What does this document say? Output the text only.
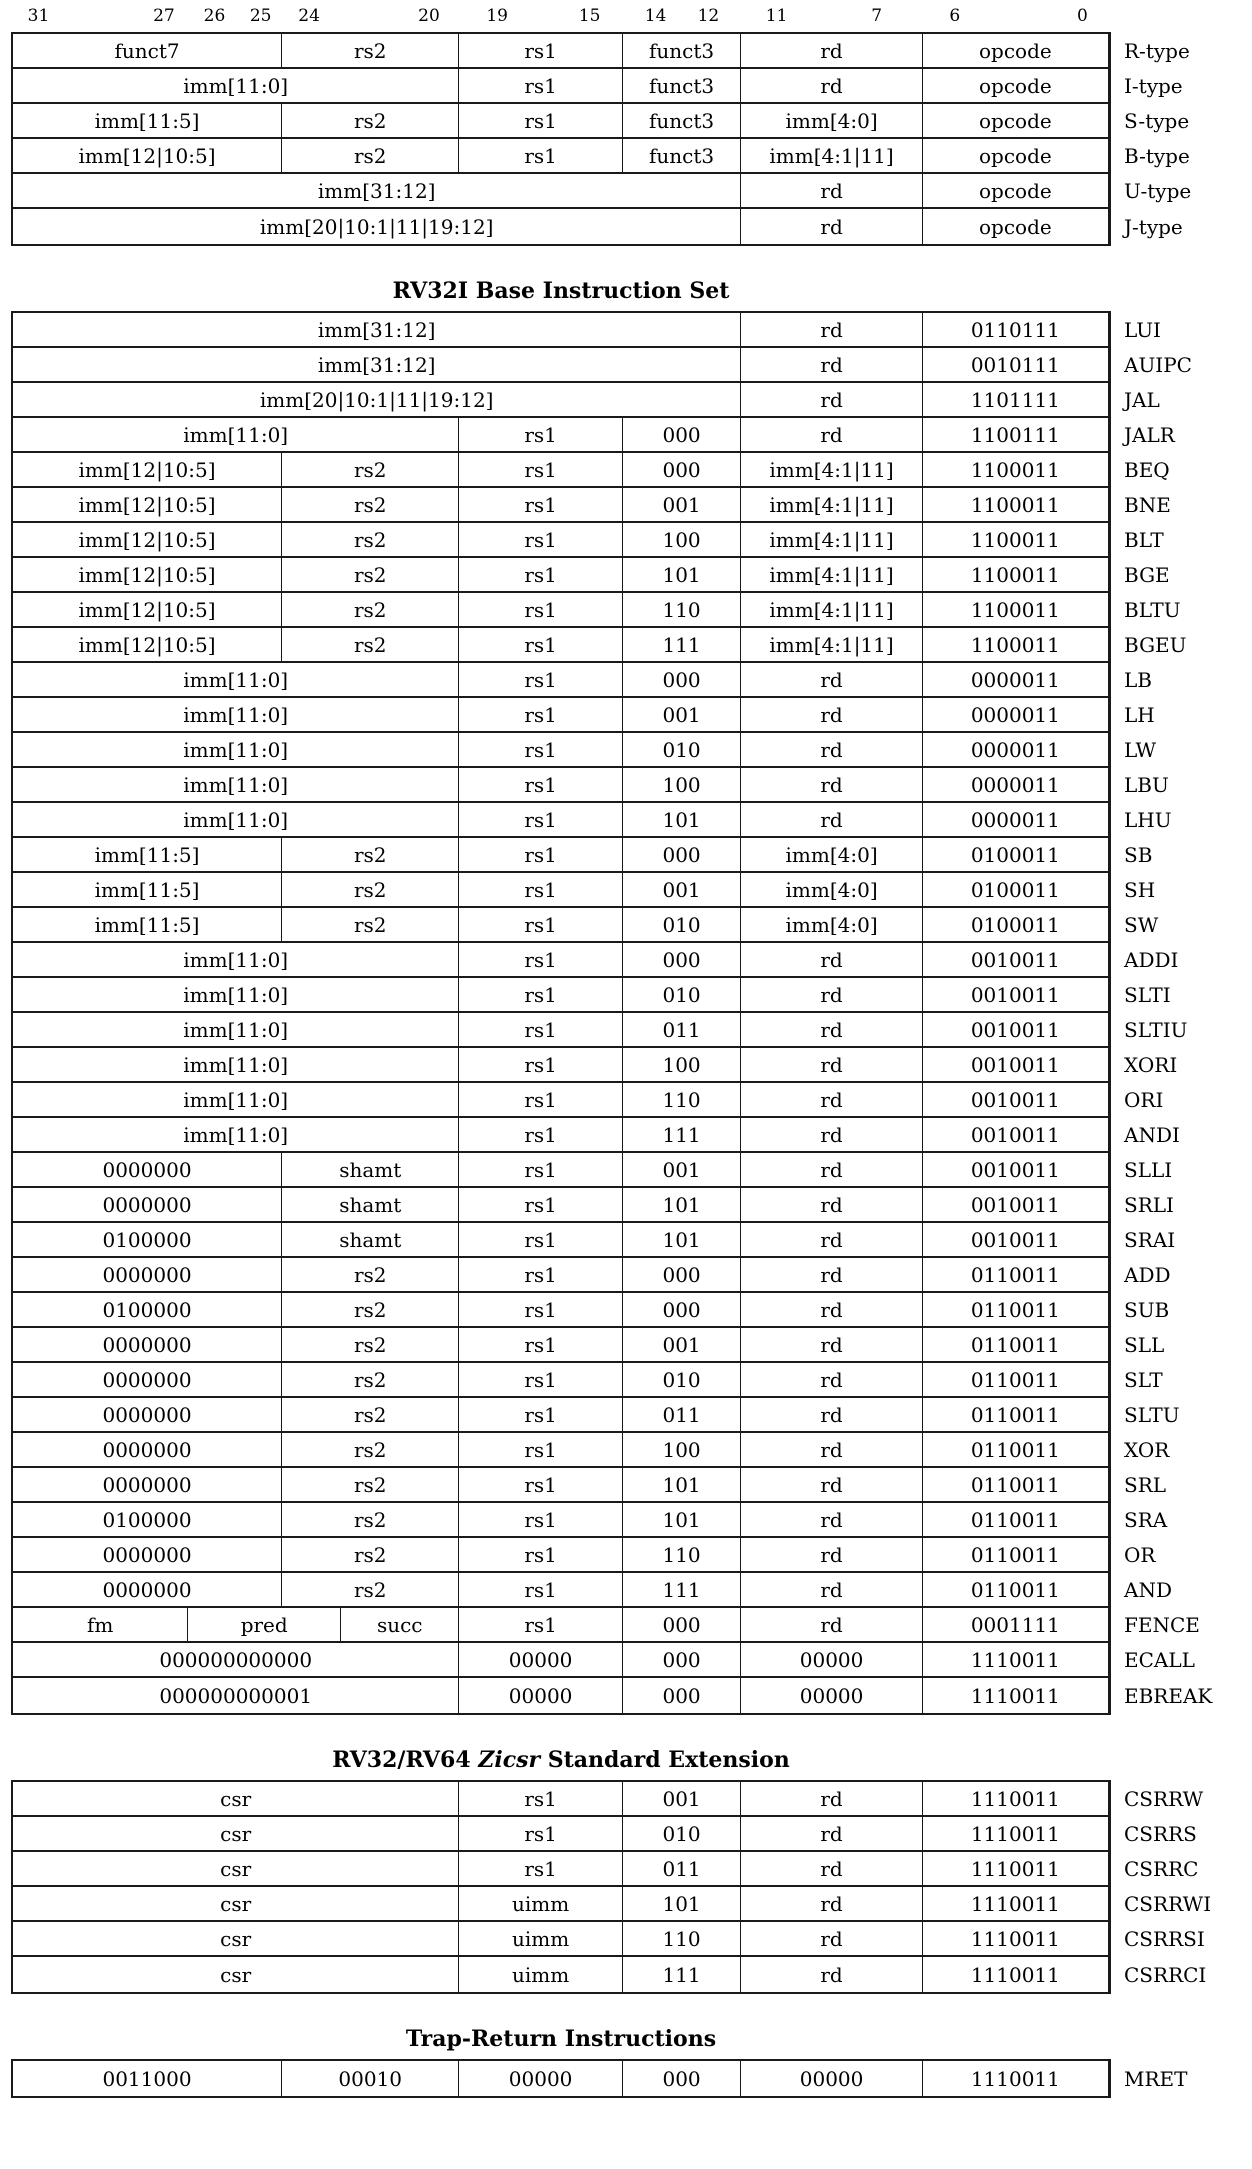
31	27 26 25 24	20	19	15	14 12	11	7	6	0
funct7	rs2	rs1	funct3	rd	opcode	R-type
imm[11:0]	rs1	funct3	rd	opcode	I-type
imm[11:5]	rs2	rs1	funct3	imm[4:0]	opcode	S-type
imm[12|10:5]	rs2	rs1	funct3	imm[4:1|11]	opcode	B-type
imm[31:12]	rd	opcode	U-type
imm[20|10:1|11|19:12]	rd	opcode	J-type
RV32I Base Instruction Set
imm[31:12]	rd	0110111	LUI
imm[31:12]	rd	0010111	AUIPC
imm[20|10:1|11|19:12]	rd	1101111	JAL
imm[11:0]	rs1	000	rd	1100111	JALR
imm[12|10:5]	rs2	rs1	000	imm[4:1|11]	1100011	BEQ
imm[12|10:5]	rs2	rs1	001	imm[4:1|11]	1100011	BNE
imm[12|10:5]	rs2	rs1	100	imm[4:1|11]	1100011	BLT
imm[12|10:5]	rs2	rs1	101	imm[4:1|11]	1100011	BGE
imm[12|10:5]	rs2	rs1	110	imm[4:1|11]	1100011	BLTU
imm[12|10:5]	rs2	rs1	111	imm[4:1|11]	1100011	BGEU
imm[11:0]	rs1	000	rd	0000011	LB
imm[11:0]	rs1	001	rd	0000011	LH
imm[11:0]	rs1	010	rd	0000011	LW
imm[11:0]	rs1	100	rd	0000011	LBU
imm[11:0]	rs1	101	rd	0000011	LHU
imm[11:5]	rs2	rs1	000	imm[4:0]	0100011	SB
imm[11:5]	rs2	rs1	001	imm[4:0]	0100011	SH
imm[11:5]	rs2	rs1	010	imm[4:0]	0100011	SW
imm[11:0]	rs1	000	rd	0010011	ADDI
imm[11:0]	rs1	010	rd	0010011	SLTI
imm[11:0]	rs1	011	rd	0010011	SLTIU
imm[11:0]	rs1	100	rd	0010011	XORI
imm[11:0]	rs1	110	rd	0010011	ORI
imm[11:0]	rs1	111	rd	0010011	ANDI
0000000	shamt	rs1	001	rd	0010011	SLLI
0000000	shamt	rs1	101	rd	0010011	SRLI
0100000	shamt	rs1	101	rd	0010011	SRAI
0000000	rs2	rs1	000	rd	0110011	ADD
0100000	rs2	rs1	000	rd	0110011	SUB
0000000	rs2	rs1	001	rd	0110011	SLL
0000000	rs2	rs1	010	rd	0110011	SLT
0000000	rs2	rs1	011	rd	0110011	SLTU
0000000	rs2	rs1	100	rd	0110011	XOR
0000000	rs2	rs1	101	rd	0110011	SRL
0100000	rs2	rs1	101	rd	0110011	SRA
0000000	rs2	rs1	110	rd	0110011	OR
0000000	rs2	rs1	111	rd	0110011	AND
fm	pred	succ	rs1	000	rd	0001111	FENCE
000000000000	00000	000	00000	1110011	ECALL
000000000001	00000	000	00000	1110011	EBREAK
RV32/RV64 Zicsr Standard Extension
csr	rs1	001	rd	1110011	CSRRW
csr	rs1	010	rd	1110011	CSRRS
csr	rs1	011	rd	1110011	CSRRC
csr	uimm	101	rd	1110011	CSRRWI
csr	uimm	110	rd	1110011	CSRRSI
csr	uimm	111	rd	1110011	CSRRCI
Trap-Return Instructions
0011000	00010	00000	000	00000	1110011	MRET
